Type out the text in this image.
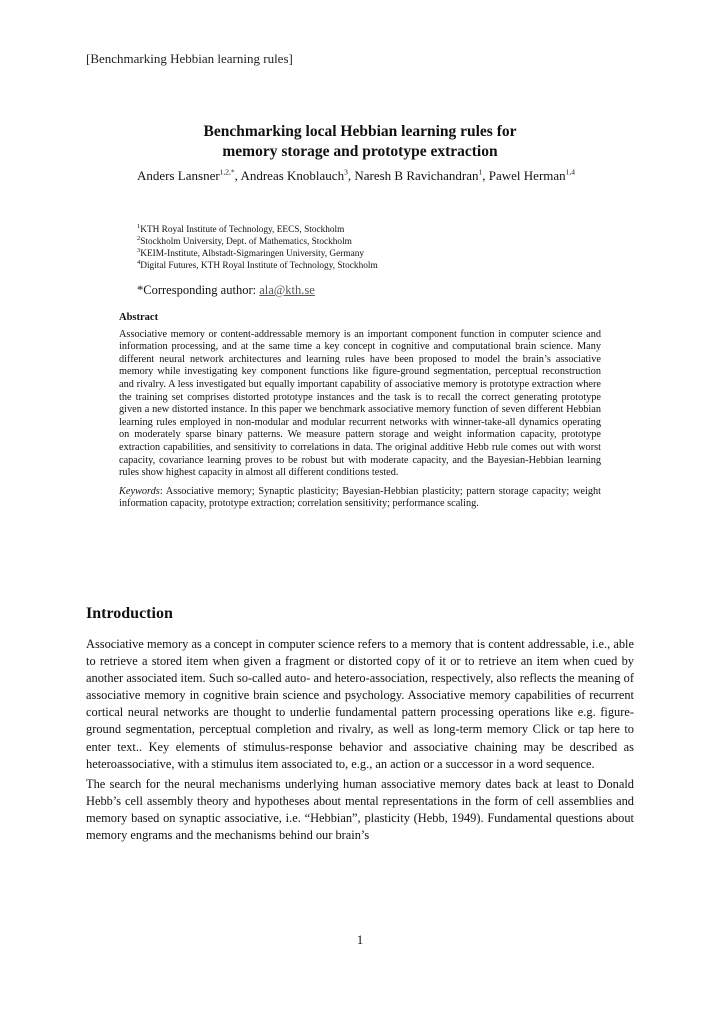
[Benchmarking Hebbian learning rules]

Benchmarking local Hebbian learning rules for

memory storage and prototype extraction

Anders Lansner$^{1,2,*}$, Andreas Knoblauch$^3$, Naresh B Ravichandran$^1$, Pawel Herman$^{1,4}$
$^1$KTH Royal Institute of Technology, EECS, Stockholm
$^2$Stockholm University, Dept. of Mathematics, Stockholm
$^3$KEIM-Institute, Albstadt-Sigmaringen University, Germany
$^4$Digital Futures, KTH Royal Institute of Technology, Stockholm
*Corresponding author: ala@kth.se

Abstract

Associative memory or content-addressable memory is an important component function in computer science and information processing, and at the same time a key concept in cognitive and computational brain science. Many different neural network architectures and learning rules have been proposed to model the brain’s associative memory while investigating key component functions like figure-ground segmentation, perceptual reconstruction and rivalry. A less investigated but equally important capability of associative memory is prototype extraction where the training set comprises distorted prototype instances and the task is to recall the correct generating prototype given a new distorted instance. In this paper we benchmark associative memory function of seven different Hebbian learning rules employed in non-modular and modular recurrent networks with winner-take-all dynamics operating on moderately sparse binary patterns. We measure pattern storage and weight information capacity, prototype extraction capabilities, and sensitivity to correlations in data. The original additive Hebb rule comes out with worst capacity, covariance learning proves to be robust but with moderate capacity, and the Bayesian-Hebbian learning rules show highest capacity in almost all different conditions tested.

Keywords: Associative memory; Synaptic plasticity; Bayesian-Hebbian plasticity; pattern storage capacity; weight information capacity, prototype extraction; correlation sensitivity; performance scaling.

Introduction

Associative memory as a concept in computer science refers to a memory that is content addressable, i.e., able to retrieve a stored item when given a fragment or distorted copy of it or to retrieve an item when cued by another associated item. Such so-called auto- and hetero-association, respectively, also reflects the meaning of associative memory in cognitive brain science and psychology. Associative memory capabilities of recurrent cortical neural networks are thought to underlie fundamental pattern processing operations like e.g. figure-ground segmentation, perceptual completion and rivalry, as well as long-term memory Click or tap here to enter text.. Key elements of stimulus-response behavior and associative chaining may be described as heteroassociative, with a stimulus item associated to, e.g., an action or a successor in a word sequence.

The search for the neural mechanisms underlying human associative memory dates back at least to Donald Hebb’s cell assembly theory and hypotheses about mental representations in the form of cell assemblies and memory based on synaptic associative, i.e. “Hebbian”, plasticity (Hebb, 1949). Fundamental questions about memory engrams and the mechanisms behind our brain’s

1
